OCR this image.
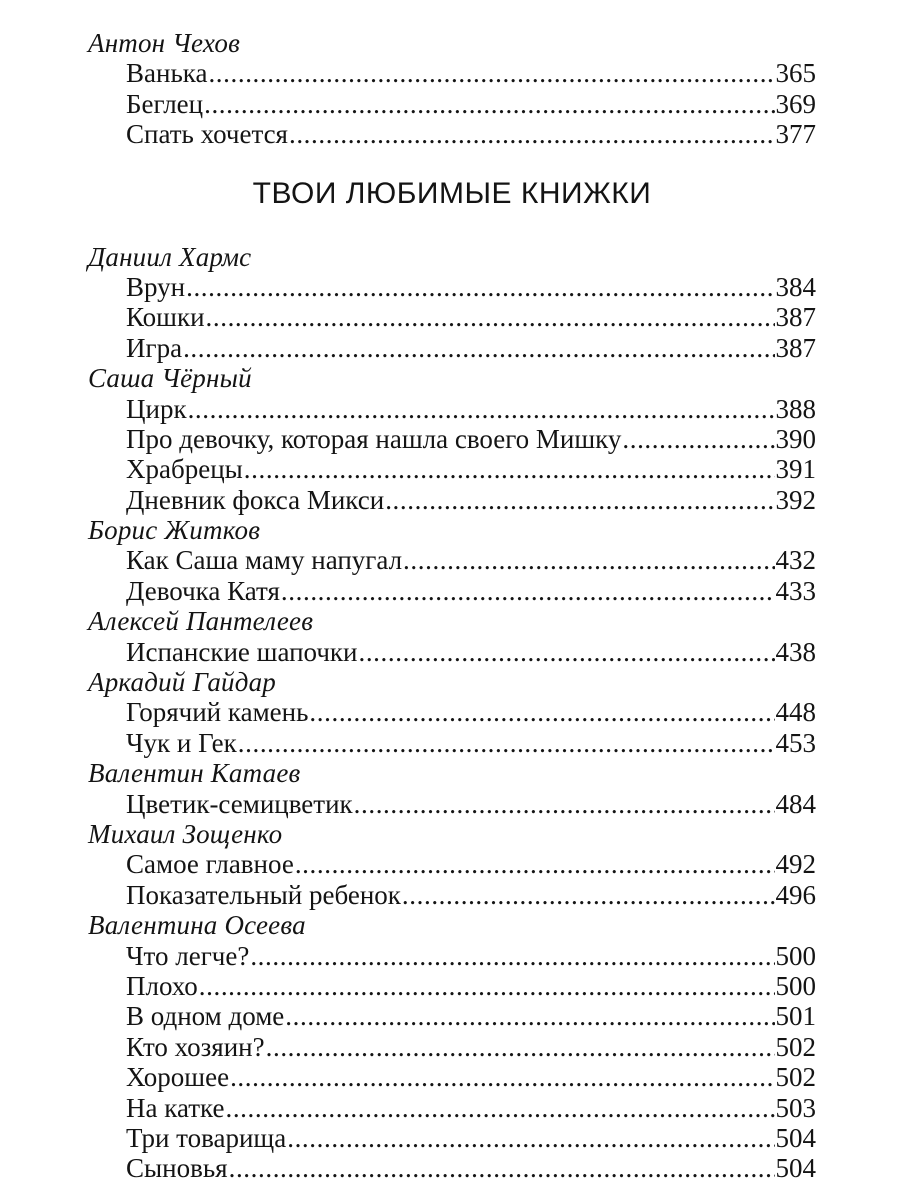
Антон Чехов
Ванька .....	365
Беглец .....	369
Спать хочется .....	377
ТВОИ ЛЮБИМЫЕ КНИЖКИ
Даниил Хармс
Врун .....	384
Кошки .....	387
Игра .....	387
Саша Чёрный
Цирк .....	388
Про девочку, которая нашла своего Мишку .....	390
Храбрецы .....	391
Дневник фокса Микси .....	392
Борис Житков
Как Саша маму напугал .....	432
Девочка Катя .....	433
Алексей Пантелеев
Испанские шапочки .....	438
Аркадий Гайдар
Горячий камень .....	448
Чук и Гек .....	453
Валентин Катаев
Цветик-семицветик .....	484
Михаил Зощенко
Самое главное .....	492
Показательный ребенок .....	496
Валентина Осеева
Что легче? .....	500
Плохо .....	500
В одном доме .....	501
Кто хозяин? .....	502
Хорошее .....	502
На катке .....	503
Три товарища .....	504
Сыновья .....	504
